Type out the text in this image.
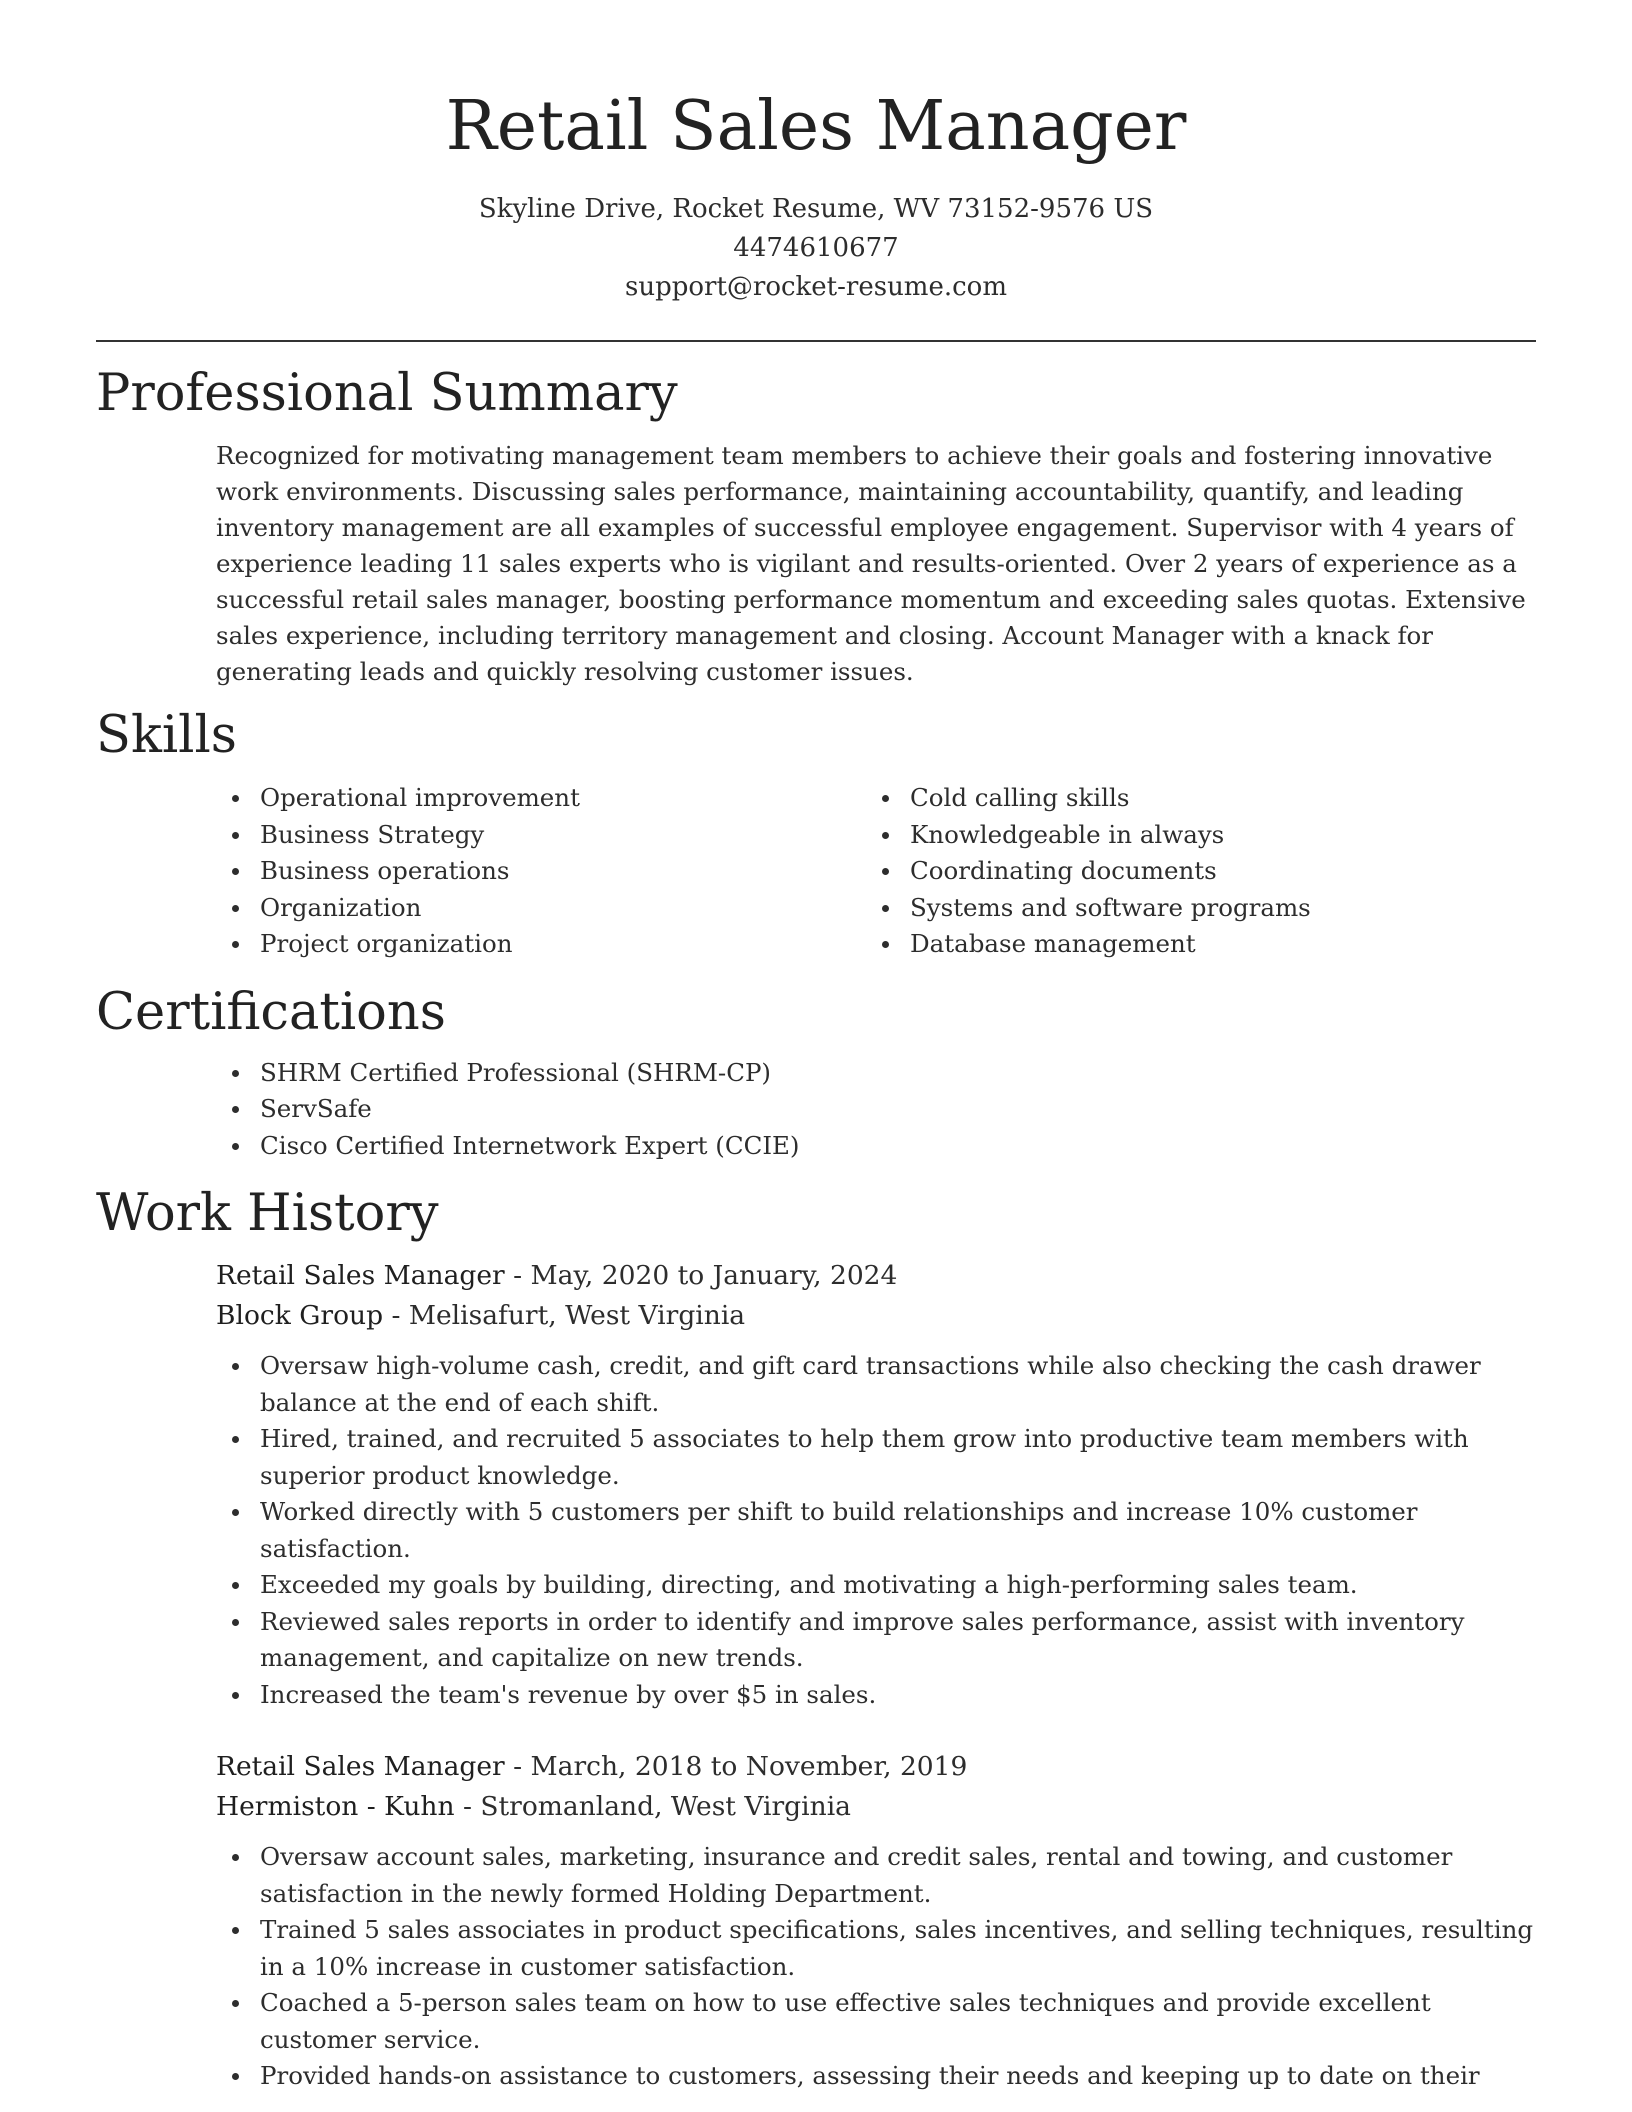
Retail Sales Manager
Skyline Drive, Rocket Resume, WV 73152-9576 US
4474610677
support@rocket-resume.com
Professional Summary
Recognized for motivating management team members to achieve their goals and fostering innovative work environments. Discussing sales performance, maintaining accountability, quantify, and leading inventory management are all examples of successful employee engagement. Supervisor with 4 years of experience leading 11 sales experts who is vigilant and results-oriented. Over 2 years of experience as a successful retail sales manager, boosting performance momentum and exceeding sales quotas. Extensive sales experience, including territory management and closing. Account Manager with a knack for generating leads and quickly resolving customer issues.
Skills
Operational improvement
Business Strategy
Business operations
Organization
Project organization
Cold calling skills
Knowledgeable in always
Coordinating documents
Systems and software programs
Database management
Certifications
SHRM Certified Professional (SHRM-CP)
ServSafe
Cisco Certified Internetwork Expert (CCIE)
Work History
Retail Sales Manager - May, 2020 to January, 2024
Block Group - Melisafurt, West Virginia
Oversaw high-volume cash, credit, and gift card transactions while also checking the cash drawer balance at the end of each shift.
Hired, trained, and recruited 5 associates to help them grow into productive team members with superior product knowledge.
Worked directly with 5 customers per shift to build relationships and increase 10% customer satisfaction.
Exceeded my goals by building, directing, and motivating a high-performing sales team.
Reviewed sales reports in order to identify and improve sales performance, assist with inventory management, and capitalize on new trends.
Increased the team's revenue by over $5 in sales.
Retail Sales Manager - March, 2018 to November, 2019
Hermiston - Kuhn - Stromanland, West Virginia
Oversaw account sales, marketing, insurance and credit sales, rental and towing, and customer satisfaction in the newly formed Holding Department.
Trained 5 sales associates in product specifications, sales incentives, and selling techniques, resulting in a 10% increase in customer satisfaction.
Coached a 5-person sales team on how to use effective sales techniques and provide excellent customer service.
Provided hands-on assistance to customers, assessing their needs and keeping up to date on their
